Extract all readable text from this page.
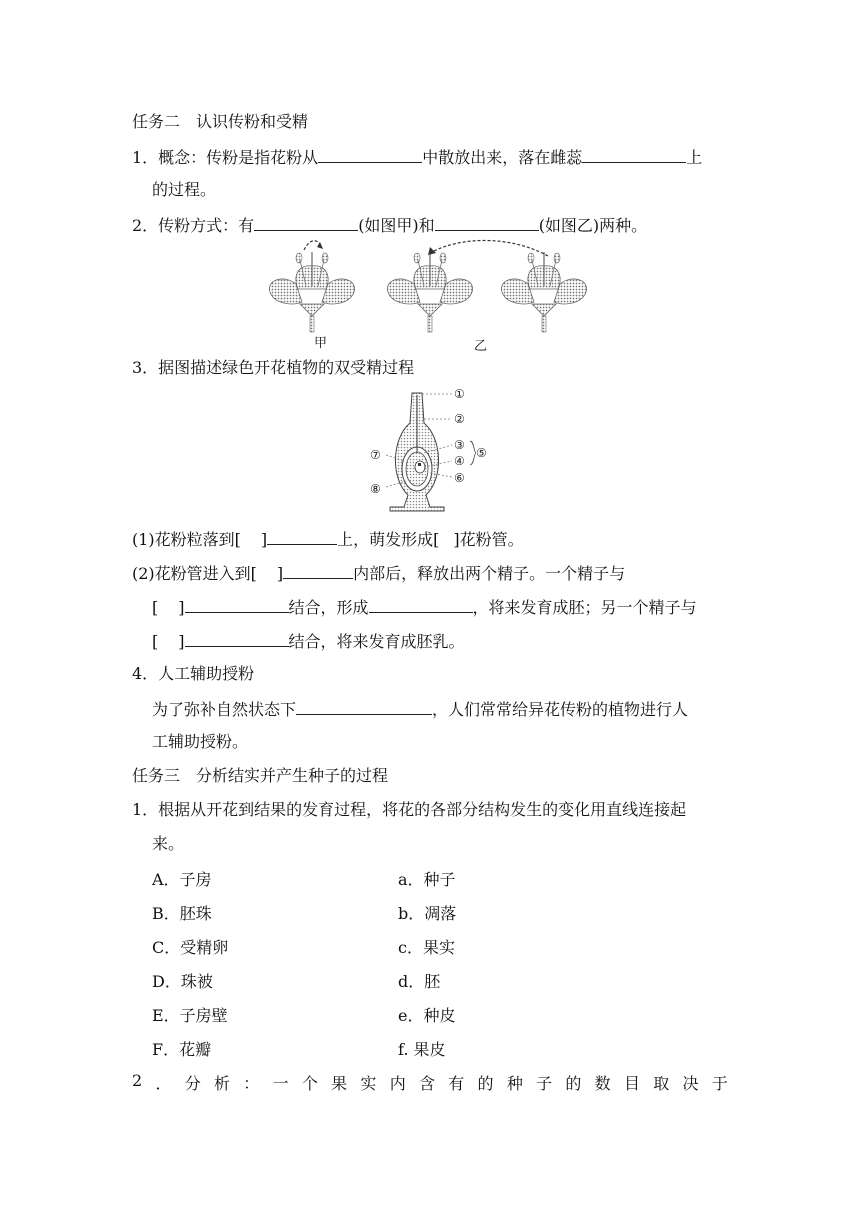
任务二　认识传粉和受精
1．概念：传粉是指花粉从	中散放出来，落在雌蕊	上
的过程。
2．传粉方式：有	(如图甲)和	(如图乙)两种。
甲	乙
3．据图描述绿色开花植物的双受精过程
①
②
③
④
⑤
⑥
⑦
⑧
(1)花粉粒落到[ ]	上，萌发形成[ ]花粉管。
(2)花粉管进入到[ ]	内部后，释放出两个精子。一个精子与
[ ]	结合，形成	，将来发育成胚；另一个精子与
[ ]	结合，将来发育成胚乳。
4．人工辅助授粉
为了弥补自然状态下	，人们常常给异花传粉的植物进行人
工辅助授粉。
任务三　分析结实并产生种子的过程
1．根据从开花到结果的发育过程，将花的各部分结构发生的变化用直线连接起
来。
A．子房	a．种子
B．胚珠	b．凋落
C．受精卵	c．果实
D．珠被	d．胚
E．子房壁	e．种皮
F．花瓣	f. 果皮
2 ． 分 析 ： 一 个 果 实 内 含 有 的 种 子 的 数 目 取 决 于
